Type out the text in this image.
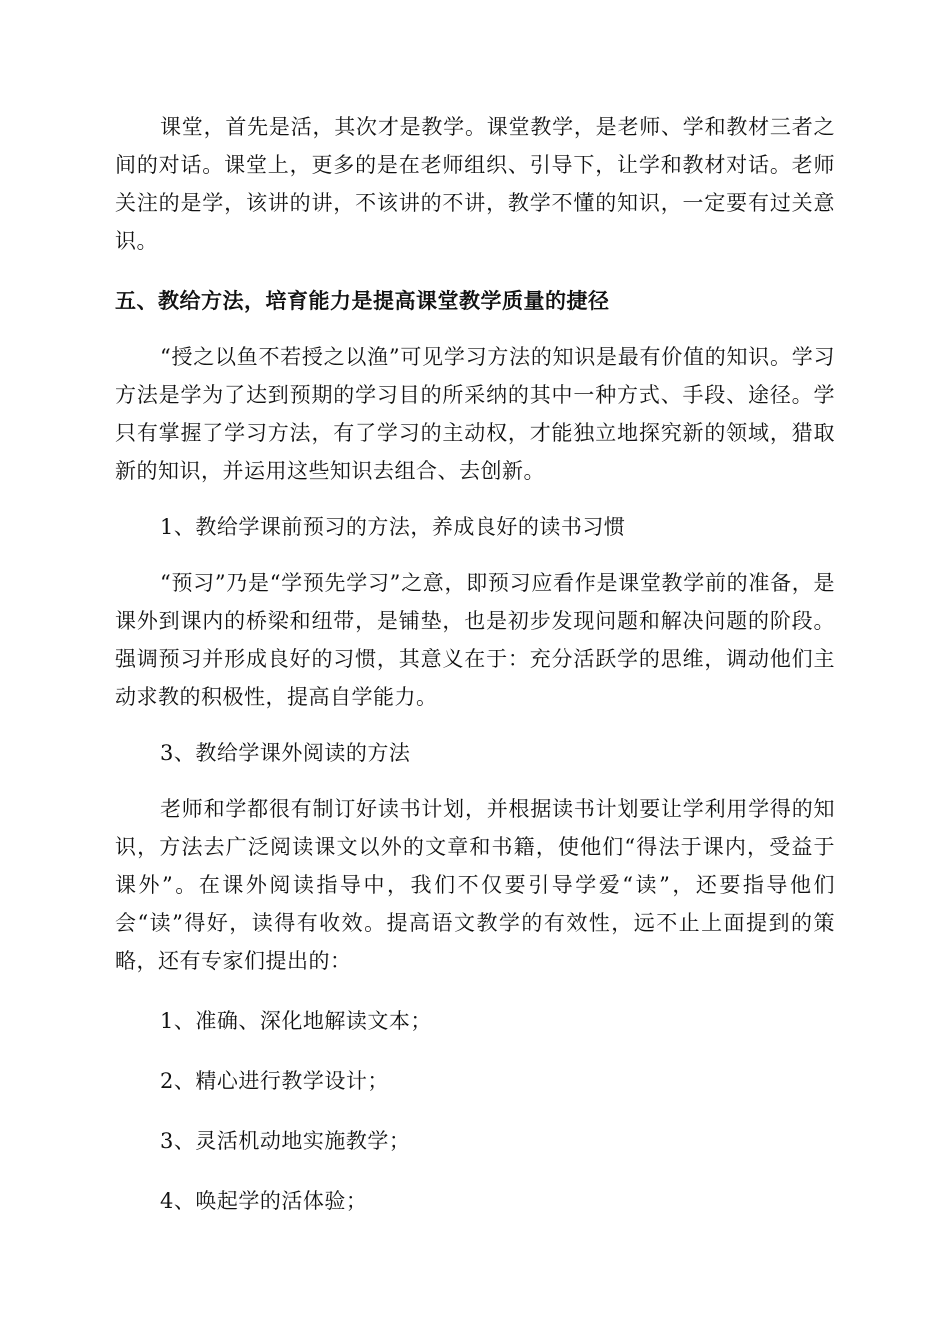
课堂，首先是活，其次才是教学。课堂教学，是老师、学和教材三者之间的对话。课堂上，更多的是在老师组织、引导下，让学和教材对话。老师关注的是学，该讲的讲，不该讲的不讲，教学不懂的知识，一定要有过关意识。

五、教给方法，培育能力是提高课堂教学质量的捷径

“授之以鱼不若授之以渔”可见学习方法的知识是最有价值的知识。学习方法是学为了达到预期的学习目的所采纳的其中一种方式、手段、途径。学只有掌握了学习方法，有了学习的主动权，才能独立地探究新的领域，猎取新的知识，并运用这些知识去组合、去创新。

1、教给学课前预习的方法，养成良好的读书习惯

“预习”乃是“学预先学习”之意，即预习应看作是课堂教学前的准备，是课外到课内的桥梁和纽带，是铺垫，也是初步发现问题和解决问题的阶段。强调预习并形成良好的习惯，其意义在于：充分活跃学的思维，调动他们主动求教的积极性，提高自学能力。

3、教给学课外阅读的方法

老师和学都很有制订好读书计划，并根据读书计划要让学利用学得的知识，方法去广泛阅读课文以外的文章和书籍，使他们“得法于课内，受益于课外”。在课外阅读指导中，我们不仅要引导学爱“读”，还要指导他们会“读”得好，读得有收效。提高语文教学的有效性，远不止上面提到的策略，还有专家们提出的：

1、准确、深化地解读文本；

2、精心进行教学设计；

3、灵活机动地实施教学；

4、唤起学的活体验；
